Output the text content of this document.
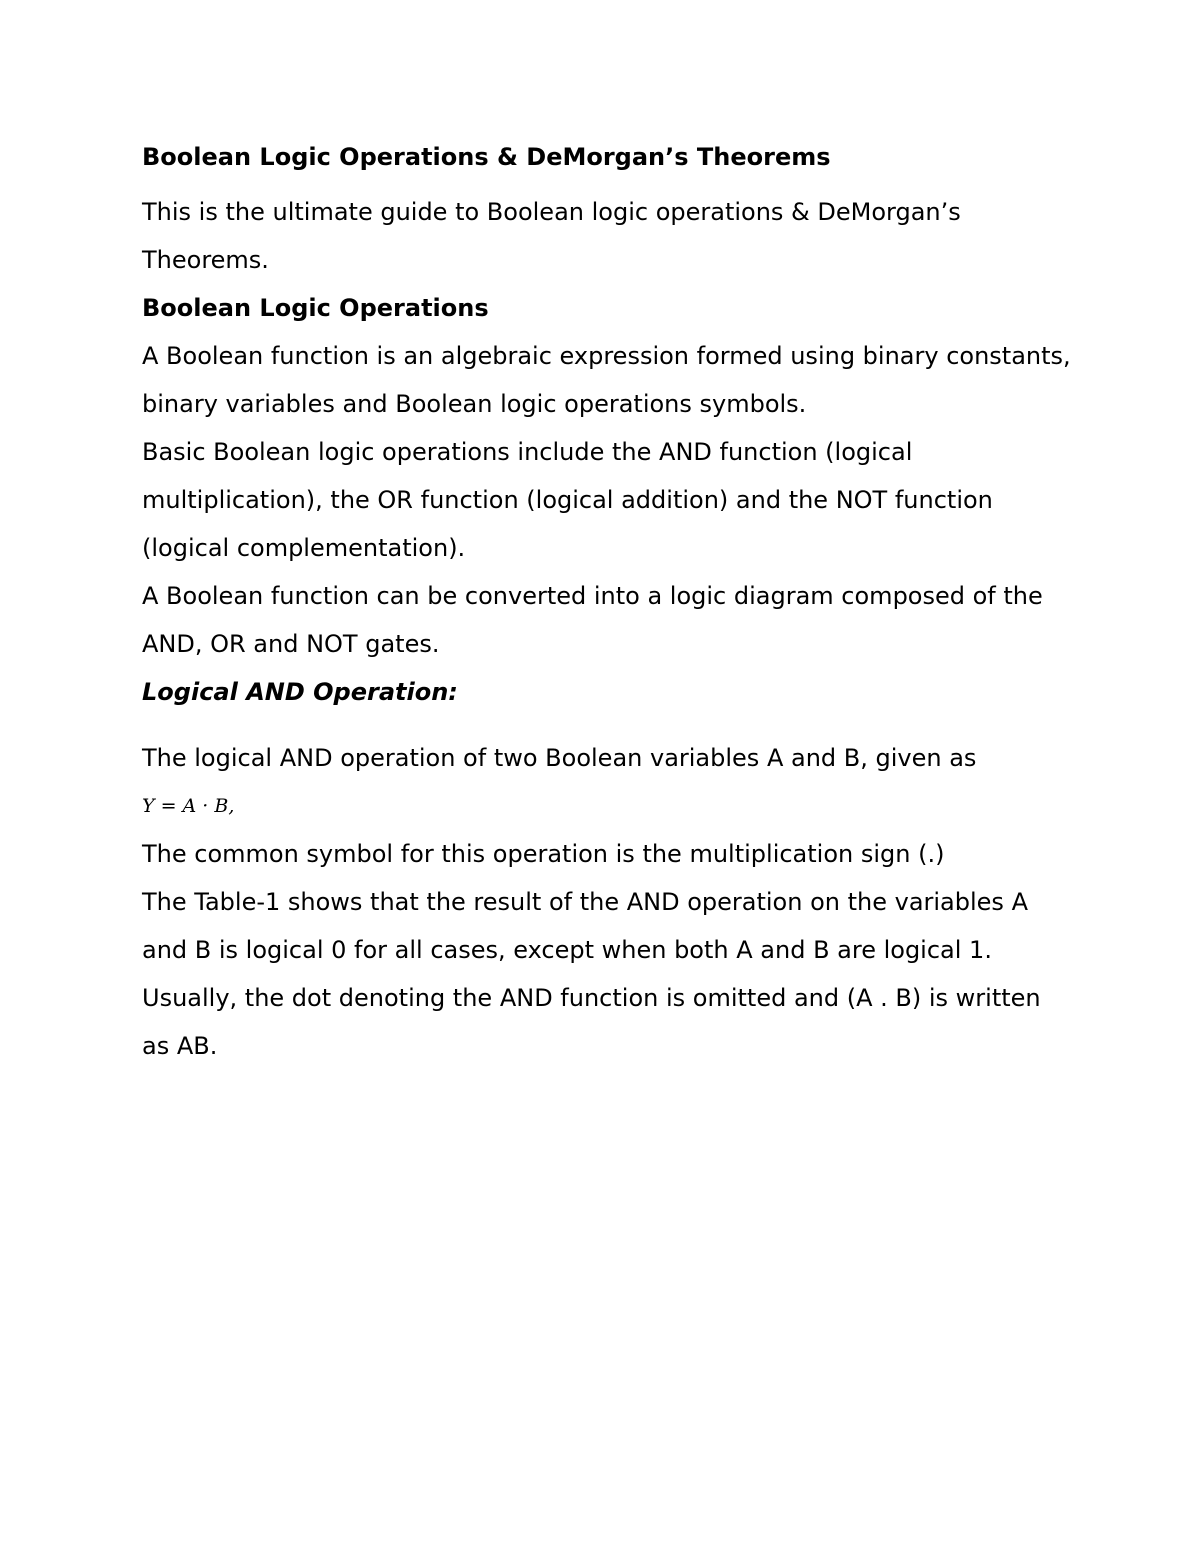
Boolean Logic Operations & DeMorgan’s Theorems

This is the ultimate guide to Boolean logic operations & DeMorgan’s Theorems.

Boolean Logic Operations

A Boolean function is an algebraic expression formed using binary constants, binary variables and Boolean logic operations symbols.

Basic Boolean logic operations include the AND function (logical multiplication), the OR function (logical addition) and the NOT function (logical complementation).

A Boolean function can be converted into a logic diagram composed of the AND, OR and NOT gates.

Logical AND Operation:

The logical AND operation of two Boolean variables A and B, given as

Y = A · B,

The common symbol for this operation is the multiplication sign (.)

The Table-1 shows that the result of the AND operation on the variables A and B is logical 0 for all cases, except when both A and B are logical 1.

Usually, the dot denoting the AND function is omitted and (A . B) is written as AB.
